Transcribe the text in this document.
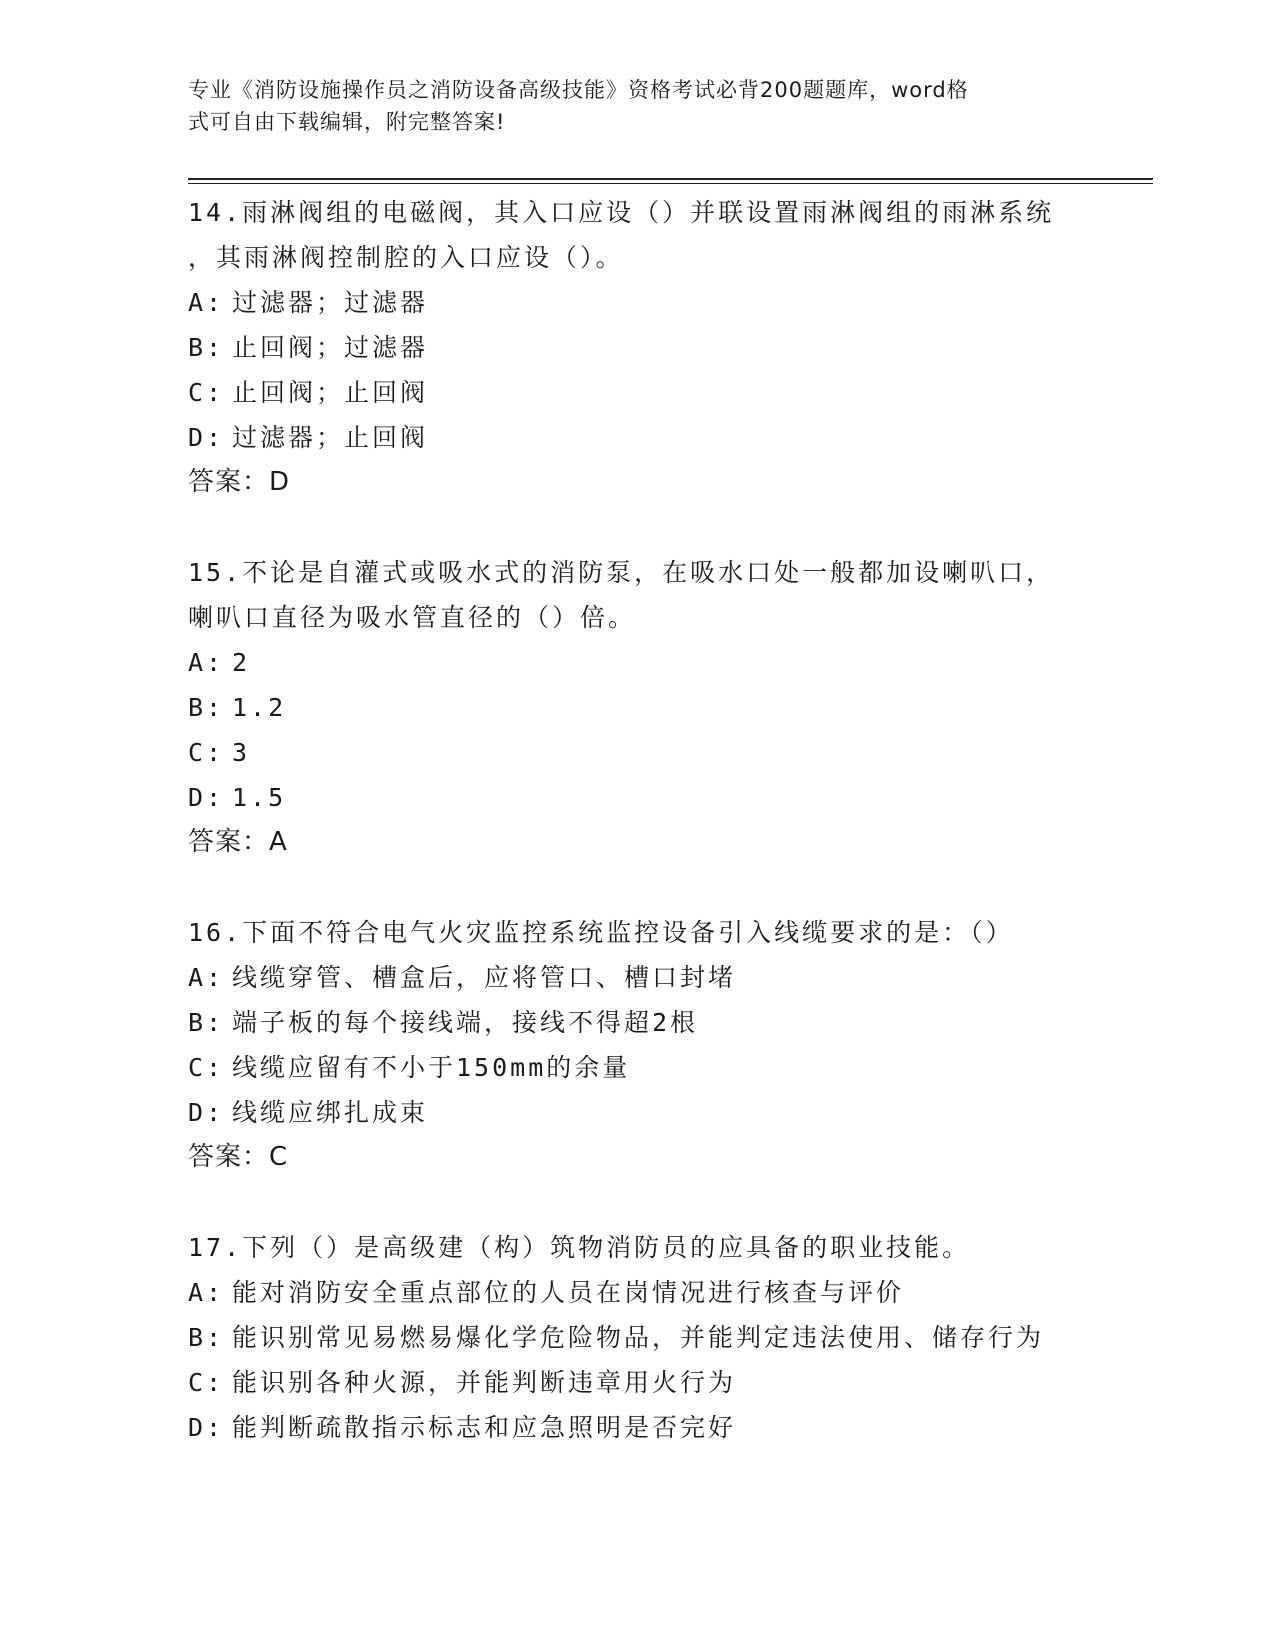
专业《消防设施操作员之消防设备高级技能》资格考试必背200题题库，word格
式可自由下载编辑，附完整答案!

14.雨淋阀组的电磁阀，其入口应设（）并联设置雨淋阀组的雨淋系统

，其雨淋阀控制腔的入口应设（）。

A: 过滤器；过滤器

B: 止回阀；过滤器

C: 止回阀；止回阀

D: 过滤器；止回阀

答案：D

15.不论是自灌式或吸水式的消防泵，在吸水口处一般都加设喇叭口，

喇叭口直径为吸水管直径的（）倍。

A: 2

B: 1.2

C: 3

D: 1.5

答案：A

16.下面不符合电气火灾监控系统监控设备引入线缆要求的是：（）

A: 线缆穿管、槽盒后，应将管口、槽口封堵

B: 端子板的每个接线端，接线不得超2根

C: 线缆应留有不小于150mm的余量

D: 线缆应绑扎成束

答案：C

17.下列（）是高级建（构）筑物消防员的应具备的职业技能。

A: 能对消防安全重点部位的人员在岗情况进行核查与评价

B: 能识别常见易燃易爆化学危险物品，并能判定违法使用、储存行为

C: 能识别各种火源，并能判断违章用火行为

D: 能判断疏散指示标志和应急照明是否完好
